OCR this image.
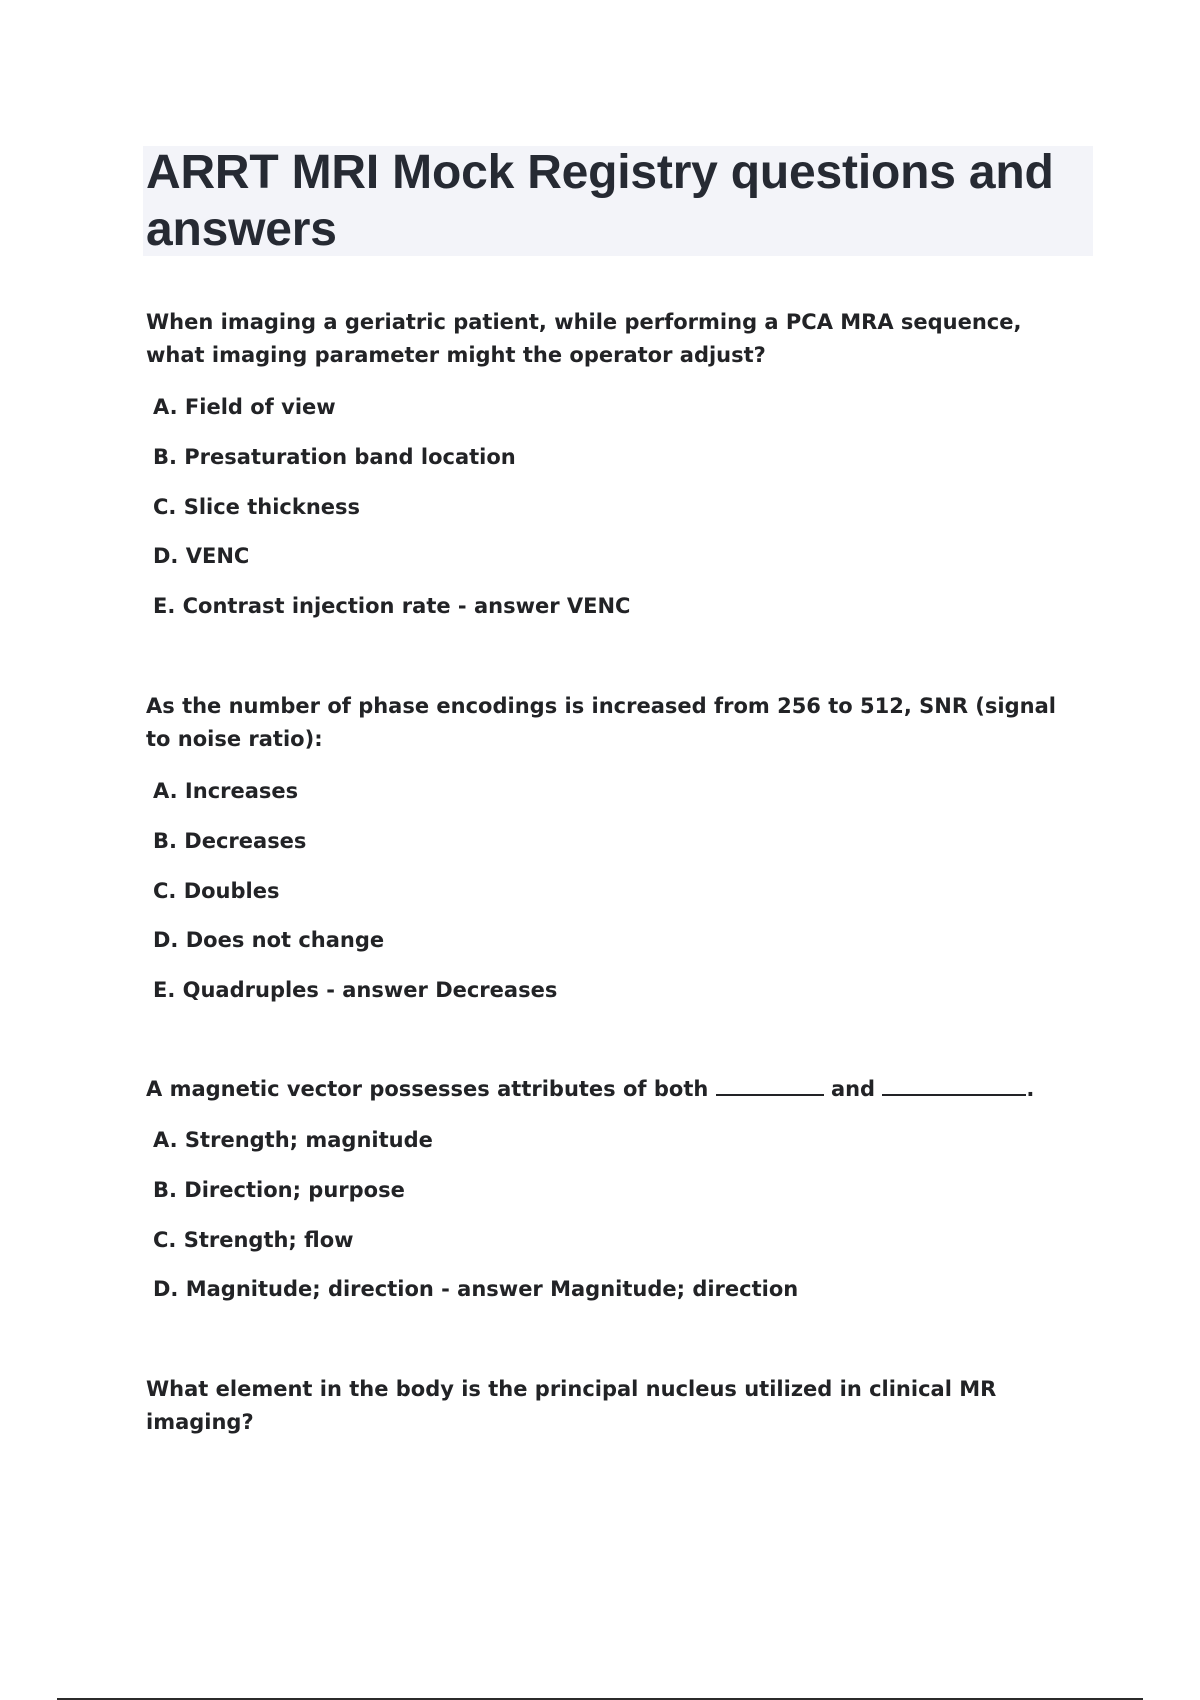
ARRT MRI Mock Registry questions and answers

When imaging a geriatric patient, while performing a PCA MRA sequence, what imaging parameter might the operator adjust?

A. Field of view

B. Presaturation band location

C. Slice thickness

D. VENC

E. Contrast injection rate - answer VENC

As the number of phase encodings is increased from 256 to 512, SNR (signal to noise ratio):

A. Increases

B. Decreases

C. Doubles

D. Does not change

E. Quadruples - answer Decreases

A magnetic vector possesses attributes of both	and	.

A. Strength; magnitude

B. Direction; purpose

C. Strength; flow

D. Magnitude; direction - answer Magnitude; direction

What element in the body is the principal nucleus utilized in clinical MR imaging?
